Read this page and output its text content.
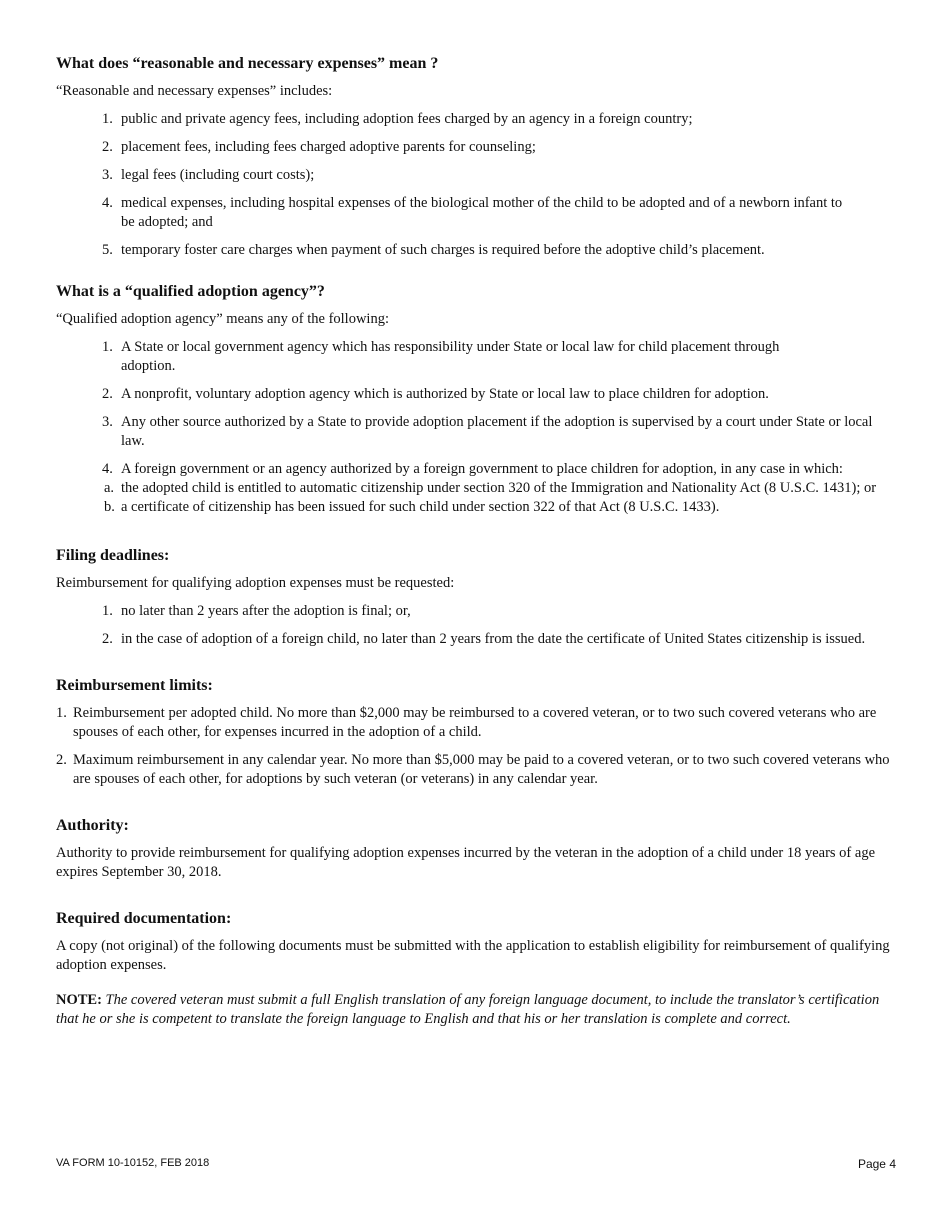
What does “reasonable and necessary expenses” mean ?

“Reasonable and necessary expenses” includes:

1. public and private agency fees, including adoption fees charged by an agency in a foreign country;
2. placement fees, including fees charged adoptive parents for counseling;
3. legal fees (including court costs);
4. medical expenses, including hospital expenses of the biological mother of the child to be adopted and of a newborn infant to be adopted; and
5. temporary foster care charges when payment of such charges is required before the adoptive child’s placement.
What is a “qualified adoption agency”?

“Qualified adoption agency” means any of the following:

1. A State or local government agency which has responsibility under State or local law for child placement through adoption.
2. A nonprofit, voluntary adoption agency which is authorized by State or local law to place children for adoption.
3. Any other source authorized by a State to provide adoption placement if the adoption is supervised by a court under State or local law.
4. A foreign government or an agency authorized by a foreign government to place children for adoption, in any case in which:
a. the adopted child is entitled to automatic citizenship under section 320 of the Immigration and Nationality Act (8 U.S.C. 1431); or
b. a certificate of citizenship has been issued for such child under section 322 of that Act (8 U.S.C. 1433).
Filing deadlines:

Reimbursement for qualifying adoption expenses must be requested:

1. no later than 2 years after the adoption is final; or,
2. in the case of adoption of a foreign child, no later than 2 years from the date the certificate of United States citizenship is issued.
Reimbursement limits:
1. Reimbursement per adopted child. No more than $2,000 may be reimbursed to a covered veteran, or to two such covered veterans who are spouses of each other, for expenses incurred in the adoption of a child.
2. Maximum reimbursement in any calendar year. No more than $5,000 may be paid to a covered veteran, or to two such covered veterans who are spouses of each other, for adoptions by such veteran (or veterans) in any calendar year.
Authority:

Authority to provide reimbursement for qualifying adoption expenses incurred by the veteran in the adoption of a child under 18 years of age expires September 30, 2018.

Required documentation:

A copy (not original) of the following documents must be submitted with the application to establish eligibility for reimbursement of qualifying adoption expenses.

NOTE: The covered veteran must submit a full English translation of any foreign language document, to include the translator’s certification that he or she is competent to translate the foreign language to English and that his or her translation is complete and correct.

VA FORM 10-10152, FEB 2018	Page 4
